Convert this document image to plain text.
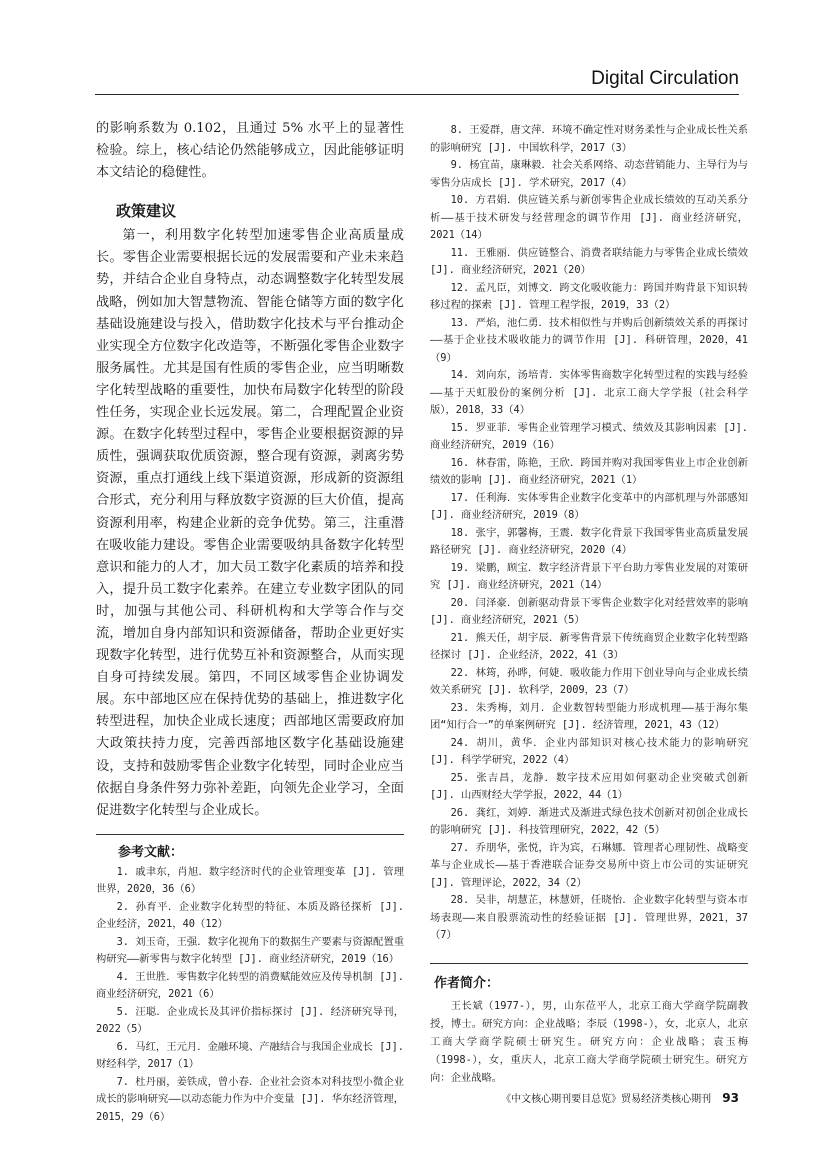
Digital Circulation

的影响系数为 0.102，且通过 5% 水平上的显著性检验。综上，核心结论仍然能够成立，因此能够证明本文结论的稳健性。

政策建议

第一，利用数字化转型加速零售企业高质量成长。零售企业需要根据长远的发展需要和产业未来趋势，并结合企业自身特点，动态调整数字化转型发展战略，例如加大智慧物流、智能仓储等方面的数字化基础设施建设与投入，借助数字化技术与平台推动企业实现全方位数字化改造等，不断强化零售企业数字服务属性。尤其是国有性质的零售企业，应当明晰数字化转型战略的重要性，加快布局数字化转型的阶段性任务，实现企业长远发展。第二，合理配置企业资源。在数字化转型过程中，零售企业要根据资源的异质性，强调获取优质资源，整合现有资源，剥离劣势资源，重点打通线上线下渠道资源，形成新的资源组合形式，充分利用与释放数字资源的巨大价值，提高资源利用率，构建企业新的竞争优势。第三，注重潜在吸收能力建设。零售企业需要吸纳具备数字化转型意识和能力的人才，加大员工数字化素质的培养和投入，提升员工数字化素养。在建立专业数字团队的同时，加强与其他公司、科研机构和大学等合作与交流，增加自身内部知识和资源储备，帮助企业更好实现数字化转型，进行优势互补和资源整合，从而实现自身可持续发展。第四，不同区域零售企业协调发展。东中部地区应在保持优势的基础上，推进数字化转型进程，加快企业成长速度；西部地区需要政府加大政策扶持力度，完善西部地区数字化基础设施建设，支持和鼓励零售企业数字化转型，同时企业应当依据自身条件努力弥补差距，向领先企业学习，全面促进数字化转型与企业成长。

参考文献：
1. 戚聿东，肖旭．数字经济时代的企业管理变革 [J]. 管理世界，2020，36（6）
2. 孙育平．企业数字化转型的特征、本质及路径探析 [J]. 企业经济，2021，40（12）
3. 刘玉奇，王强．数字化视角下的数据生产要素与资源配置重构研究——新零售与数字化转型 [J]. 商业经济研究，2019（16）
4. 王世胜．零售数字化转型的消费赋能效应及传导机制 [J]. 商业经济研究，2021（6）
5. 汪聪．企业成长及其评价指标探讨 [J]. 经济研究导刊，2022（5）
6. 马红，王元月．金融环境、产融结合与我国企业成长 [J]. 财经科学，2017（1）
7. 杜丹丽，姜铁成，曾小春．企业社会资本对科技型小微企业成长的影响研究——以动态能力作为中介变量 [J]. 华东经济管理，2015，29（6）
8. 王爱群，唐文萍．环境不确定性对财务柔性与企业成长性关系的影响研究 [J]. 中国软科学，2017（3）
9. 杨宜苗，康琳毅．社会关系网络、动态营销能力、主导行为与零售分店成长 [J]. 学术研究，2017（4）
10. 方君娟．供应链关系与新创零售企业成长绩效的互动关系分析——基于技术研发与经营理念的调节作用 [J]. 商业经济研究，2021（14）
11. 王雅丽．供应链整合、消费者联结能力与零售企业成长绩效 [J]. 商业经济研究，2021（20）
12. 孟凡臣，刘博文．跨文化吸收能力：跨国并购背景下知识转移过程的探索 [J]. 管理工程学报，2019，33（2）
13. 严焰，池仁勇．技术相似性与并购后创新绩效关系的再探讨——基于企业技术吸收能力的调节作用 [J]. 科研管理，2020，41（9）
14. 刘向东，汤培青．实体零售商数字化转型过程的实践与经验——基于天虹股份的案例分析 [J]. 北京工商大学学报（社会科学版），2018，33（4）
15. 罗亚菲．零售企业管理学习模式、绩效及其影响因素 [J]. 商业经济研究，2019（16）
16. 林春雷，陈艳，王欣．跨国并购对我国零售业上市企业创新绩效的影响 [J]. 商业经济研究，2021（1）
17. 任利海．实体零售企业数字化变革中的内部机理与外部感知 [J]. 商业经济研究，2019（8）
18. 张宇，郭馨梅，王震．数字化背景下我国零售业高质量发展路径研究 [J]. 商业经济研究，2020（4）
19. 梁鹏，顾宝．数字经济背景下平台助力零售业发展的对策研究 [J]. 商业经济研究，2021（14）
20. 闫泽豪．创新驱动背景下零售企业数字化对经营效率的影响 [J]. 商业经济研究，2021（5）
21. 熊天任，胡宇辰．新零售背景下传统商贸企业数字化转型路径探讨 [J]. 企业经济，2022，41（3）
22. 林筠，孙晔，何婕．吸收能力作用下创业导向与企业成长绩效关系研究 [J]. 软科学，2009，23（7）
23. 朱秀梅，刘月．企业数智转型能力形成机理——基于海尔集团“知行合一”的单案例研究 [J]. 经济管理，2021，43（12）
24. 胡川，黄华．企业内部知识对核心技术能力的影响研究 [J]. 科学学研究，2022（4）
25. 张吉昌，龙静．数字技术应用如何驱动企业突破式创新 [J]. 山西财经大学学报，2022，44（1）
26. 龚红，刘婷．渐进式及渐进式绿色技术创新对初创企业成长的影响研究 [J]. 科技管理研究，2022，42（5）
27. 乔朋华，张悦，许为宾，石琳娜．管理者心理韧性、战略变革与企业成长——基于香港联合证券交易所中资上市公司的实证研究 [J]. 管理评论，2022，34（2）
28. 吴非，胡慧芷，林慧妍，任晓怡．企业数字化转型与资本市场表现——来自股票流动性的经验证据 [J]. 管理世界，2021，37（7）
作者简介：

王长斌（1977-），男，山东莅平人，北京工商大学商学院副教授，博士。研究方向：企业战略；李辰（1998-），女，北京人，北京工商大学商学院硕士研究生。研究方向：企业战略；袁玉梅（1998-），女，重庆人，北京工商大学商学院硕士研究生。研究方向：企业战略。

《中文核心期刊要目总览》贸易经济类核心期刊 93
